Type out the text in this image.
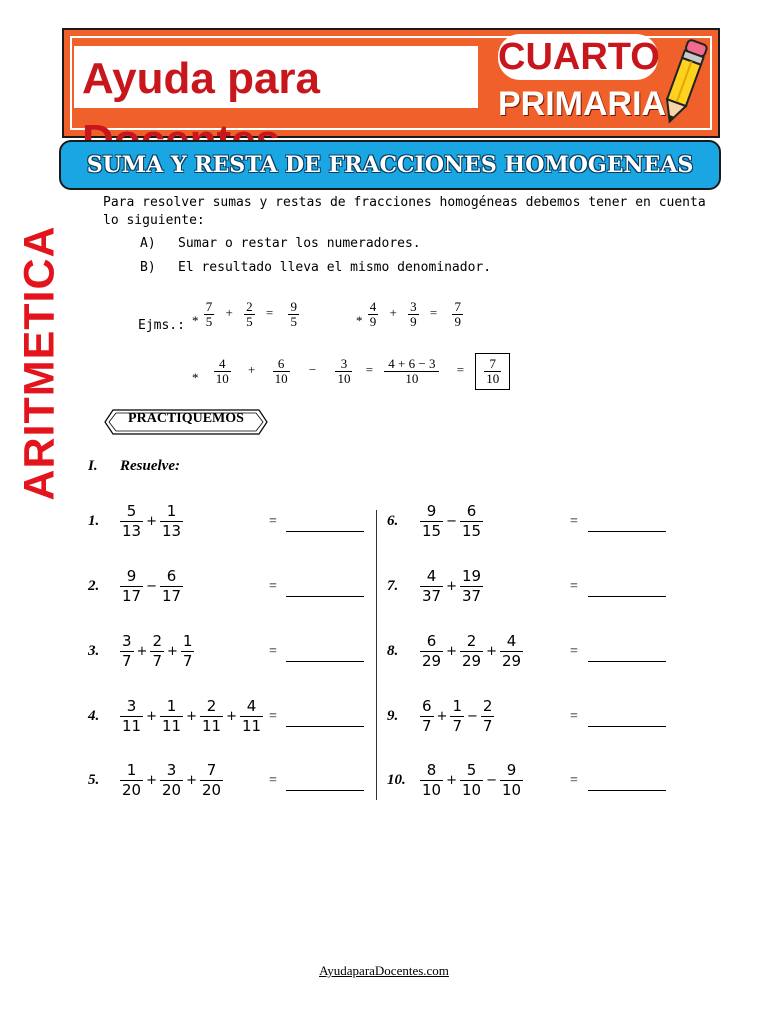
Ayuda para	CUARTO
PRIMARIA
SUMA Y RESTA DE FRACCIONES HOMOGENEAS
ARITMETICA
Para resolver sumas y restas de fracciones homogéneas debemos tener en cuenta
lo siguiente:
A) Sumar o restar los numeradores.
B) El resultado lleva el mismo denominador.
Ejms.: * $\frac{7}{5} + \frac{2}{5} = \frac{9}{5}$	* $\frac{4}{9} + \frac{3}{9} = \frac{7}{9}$
* $\frac{4}{10} + \frac{6}{10} - \frac{3}{10} = \frac{4 + 6 - 3}{10} = \frac{7}{10}$
PRACTIQUEMOS
I. Resuelve:
1. $\frac{5}{13} + \frac{1}{13}$	=
2. $\frac{9}{17} - \frac{6}{17}$	=
3. $\frac{3}{7} + \frac{2}{7} + \frac{1}{7}$	=
4. $\frac{3}{11} + \frac{1}{11} + \frac{2}{11} + \frac{4}{11}$ =
5. $\frac{1}{20} + \frac{3}{20} + \frac{7}{20}$	=
6. $\frac{9}{15} - \frac{6}{15}$	=
7. $\frac{4}{37} + \frac{19}{37}$	=
8. $\frac{6}{29} + \frac{2}{29} + \frac{4}{29}$	=
9. $\frac{6}{7} + \frac{1}{7} - \frac{2}{7}$	=
10. $\frac{8}{10} + \frac{5}{10} - \frac{9}{10}$	=
AyudaparaDocentes.com
